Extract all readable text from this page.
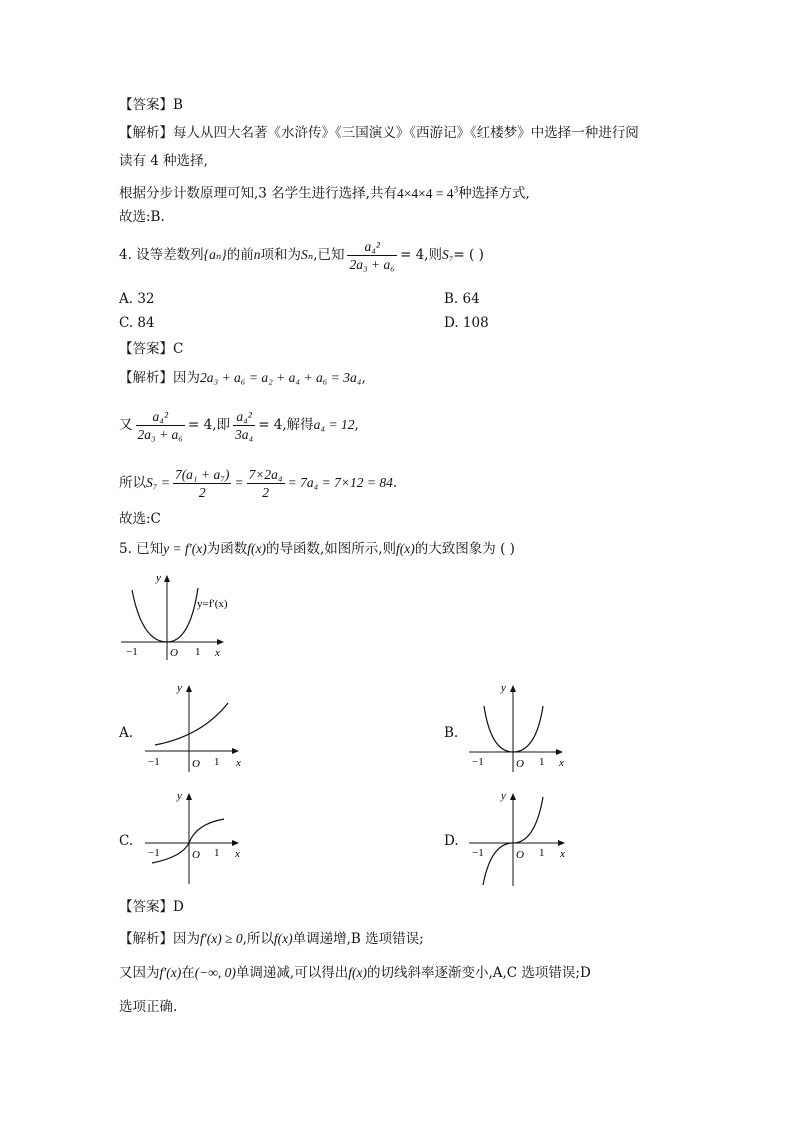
【答案】B
【解析】每人从四大名著《水浒传》《三国演义》《西游记》《红楼梦》中选择一种进行阅
读有 4 种选择,
根据分步计数原理可知,3 名学生进行选择,共有$4\times 4\times 4 = 4^3$种选择方式,
故选:B.
4. 设等差数列{aₙ}的前n项和为Sₙ,已知 $\frac{\text{a₄²}}{\text{2a₃ + a₆}} = 4$,则S₇= ( )
A. 32	B. 64
C. 84	D. 108
【答案】C
【解析】因为2a₃ + a₆ = a₂ + a₄ + a₆ = 3a₄,
又 $\frac{\text{a₄²}}{\text{2a₃ + a₆}} = 4$,即 $\frac{\text{a₄²}}{\text{3a₄}} = 4$,解得a₄ = 12,
所以$S_7 = \frac{\text{7(a₁ + a₇)}}{2} = \frac{\text{7×2a₄}}{2} = 7a_4 = 7\times 12 = 84$.
故选:C
5. 已知y = f′(x)为函数f(x)的导函数,如图所示,则f(x)的大致图象为 ( )
y=f′(x)
y
x
O
−1	1
A.
y
x
O
−1	1
B.
y
x
O
−1	1
C.
y
x
O
−1	1
D.
y
x
O
−1	1
【答案】D
【解析】因为f′(x) ≥ 0,所以f(x)单调递增,B 选项错误;
又因为f′(x)在(−∞, 0)单调递减,可以得出f(x)的切线斜率逐渐变小,A,C 选项错误;D
选项正确.
